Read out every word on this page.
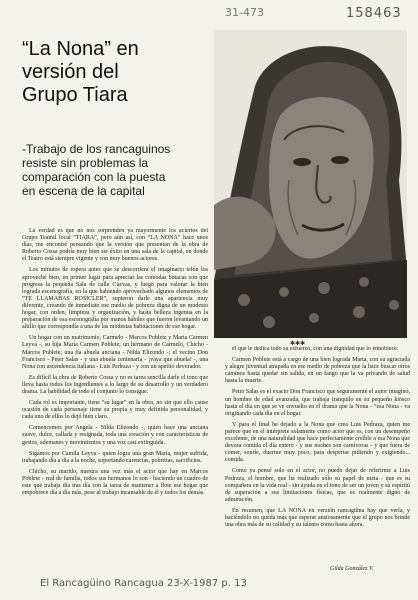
31-473	158463
“La Nona” en
versión del
Grupo Tiara
-Trabajo de los rancaguinos
resiste sin problemas la
comparación con la puesta
en escena de la capital
✱✱✱

La verdad es que no nos sorprenden ya mayormente los aciertos del Grupo Teatral local “TIARA”, pero aún así, con “LA NONA” hace unos días, me encontré pensando que la versión que presentan de la obra de Roberto Cossa podría muy bien ser éxito en una sala de la capital, en donde el Teatro está siempre vigente y con muy buenos actores.

Los minutos de espera antes que se descorriera el imaginario telón los aproveché bien, en primer lugar para apreciar las comodas butacas con que progresa la pequeña Sala de calle Cuevas, y luego para valorar la bien lograda escenografía, en la que habiendo aprovechado algunos elementos de “TE LLAMABAS ROSICLER”, supieron darle una apariencia muy diferente, creando de inmediato ese medio de pobreza digna de un modesto hogar, con orden, limpieza y organización, y hasta belleza ingenua en la preparación de esa escenografía por manos hábiles que fueron levantando un altillo que correspondía a una de las modestas habitaciones de ese hogar.

Un hogar con un matrimonio, Carmelo - Marcos Poblete y Marta Carmen Leyva -, su hija María Carmen Poblete; un hermano de Carmelo, Chicho - Marcos Poblete; una tía abuela anciana - Nilda Elizondo -; el vecino Don Francisco - Peter Salas - y una abuela centenaria - ¡vaya que abuela! -, una Nona con ascendencia italiana - Luis Pedraza - y con un apetito devorador.

Es difícil la obra de Roberto Cossa y no es tarea sencilla darle el tono que lleva hasta todos los ingredientes a lo largo de su desarrollo y un verdadero drama. La habilidad de todo el conjunto lo consigue.

Cada rol es importante, tiene “su lugar” en la obra, no sin que ello cause ocasión de cada personaje tiene su propia y muy definida personalidad, y cada uno de ellos lo dejó bien claro.

Comencemos por Angela - Nilda Elizondo -, quien hace una anciana suave, dulce, callada y resignada, toda una creación y con características de gestos, ademanes y movimientos y una voz casi extinguida.

Sigamos por Camila Leyva - quien logra una gran María, mujer sufrida, trabajando día a día a la noche, soportando carencias, pobrezas, sacrificios.

Chicho, su marido, nuestra una vez más el actor que hay en Marcos Poblete - real de familia, todos sus hermanos lo son - haciendo un cuadro de este que trabaja día tras día con la tarea de mantener a flote ese hogar que empobrece día a día más, pese al trabajo incansable de él y todos los demás.

él que le dedica todo su esfuerzo, con una dignidad que lo ennoblece.

Carmen Poblete está a cargo de una bien lograda Marta, con su agraciada y alegre juventud atrapada en ese medio de pobreza que la hace buscar otros caminos hasta quedar sin salida, en un fango que la va privando de salud hasta la muerte.

Peter Salas es el exacto Don Francisco que seguramente el autor imaginó, un hombre de edad avanzada, que trabaja tranquilo en su pequeño kiosco hasta el día en que se ve envuelto en el drama que la Nona - “esa Nona - va originando cada día en el hogar.

Y para el final he dejado a la Nona que crea Luis Pedraza, quien me parece que en el intérprete solamente como actor que es, con un desempeño excelente, de una naturalidad que hace perfectamente creíble a esa Nona que devora comida el día entero - y sus noches son carnívoras - y que fuera de comer, sonríe, duerme muy poco, para despertar pidiendo y exigiendo... comida.

Como ya pensé solo en el actor, no puedo dejar de referirme a Luis Pedraza, el hombre, que ha realizado sólo su papel de nieta - que es su compañera en la vida real - sin ayuda en el tono de ser un joven y su espíritu de superación a sus limitaciones físicas, que es realmente digno de admiración.

En resumen, que LA NONA en versión rancagüina hay que verla, y haciéndolo no queda más que esperar ansiosamente que el grupo nos brinde una obra más de su calidad y su talento como hasta ahora.

Gilda González V.
El Rancagüino Rancagua 23-X-1987 p. 13
